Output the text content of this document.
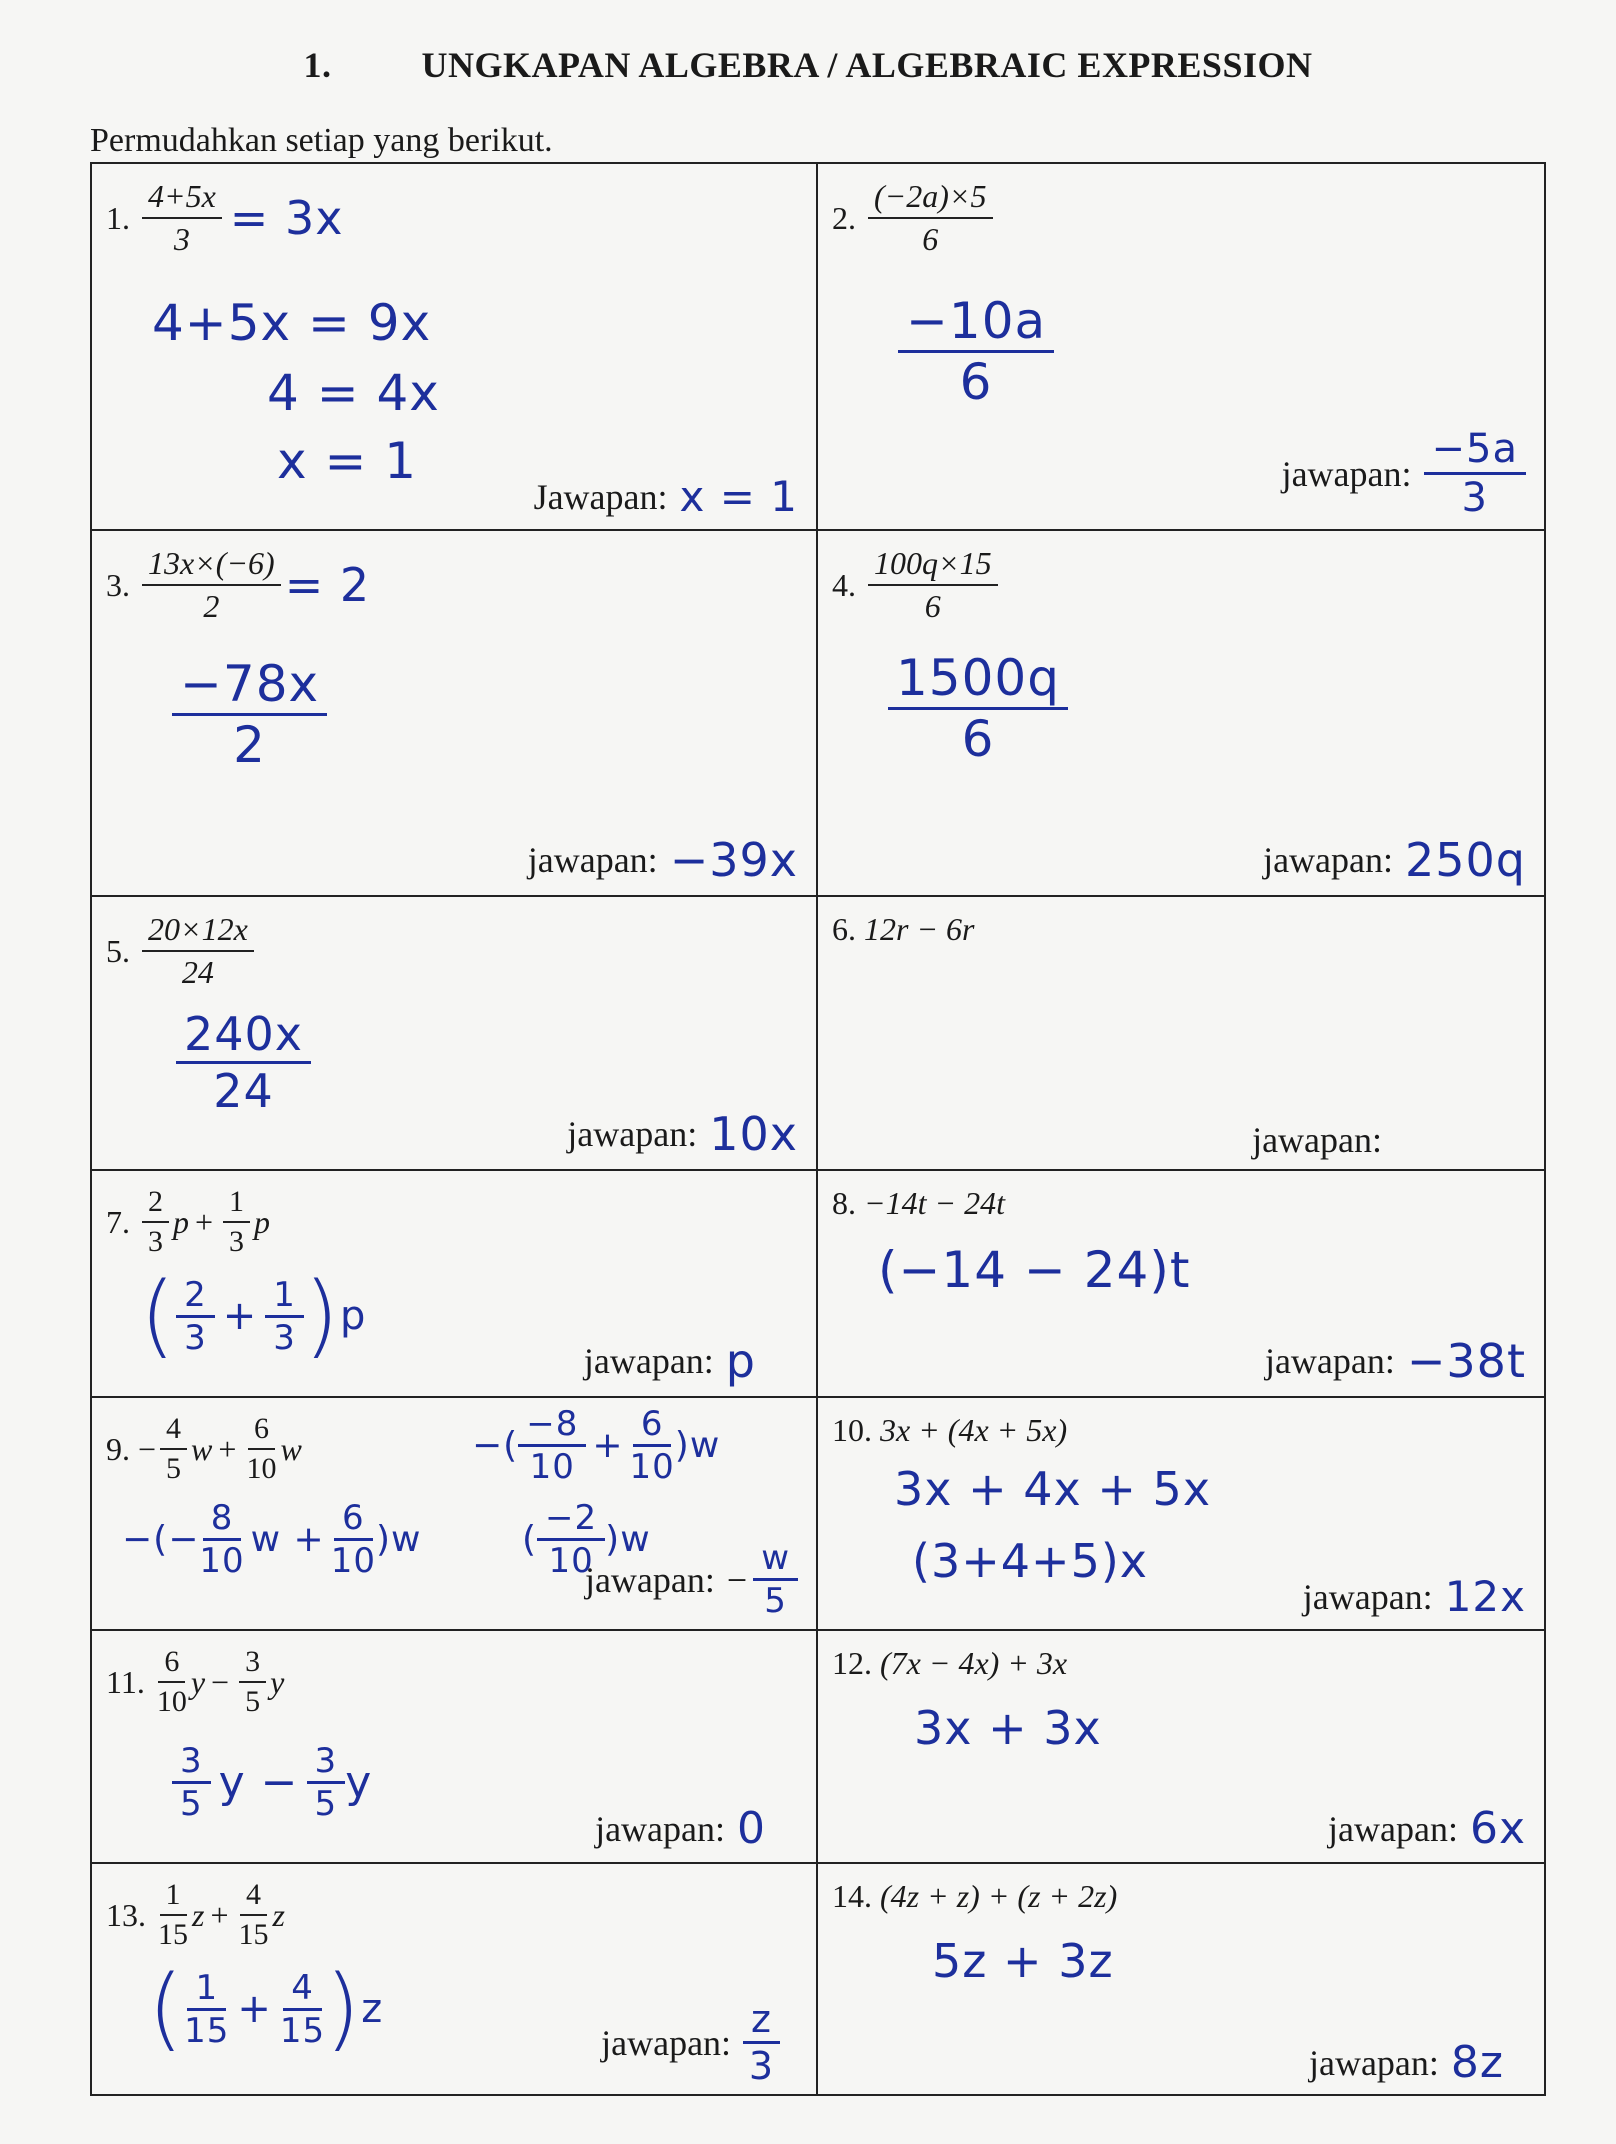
1.	UNGKAPAN ALGEBRA / ALGEBRAIC EXPRESSION
Permudahkan setiap yang berikut.
1. $\frac{4+5x}{3} = 3x$
4+5x = 9x
4 = 4x
x = 1
Jawapan: x = 1
2. $\frac{(-2a)\times 5}{6}$
$\frac{-10a}{6}$
jawapan:
−5a
3
3. $\frac{13x\times(-6)}{2} = 2$
$\frac{-78x}{2}$
jawapan: −39x
4. $\frac{100q\times 15}{6}$
$\frac{1500q}{6}$
jawapan: 250q
5. $\frac{20\times 12x}{24}$
$\frac{240x}{24}$
jawapan: 10x
6. 12r − 6r
jawapan:
7. $\frac{2}{3}$ $p + \frac{1}{3}$ p
( 2
$3 + \frac{1}{3}$ ) p
jawapan: p
8. −14t − 24t
(−14 − 24)t
jawapan: −38t
9. − $\frac{4}{5}$ $w + \frac{6}{10}$ w
−(− $\frac{8}{10}$ $w + \frac{6}{10} )w$
−(
−8
10
+ $\frac{6}{10} )w$
(
−2
10
)w
jawapan: − $\frac{w}{5}$
10. 3x + (4x + 5x)
3x + 4x + 5x
(3+4+5)x
jawapan: 12x
11. $\frac{6}{10}$ $y - \frac{3}{5}$ y
3
5 $y - \frac{3}{5}$ y
jawapan: 0
12. (7x − 4x) + 3x
3x + 3x
jawapan: 6x
13. $\frac{1}{15}$ $z + \frac{4}{15}$ z
( 1
$15 + \frac{4}{15}$ ) z
jawapan:
z
3
14. (4z + z) + (z + 2z)
5z + 3z
jawapan: 8z
